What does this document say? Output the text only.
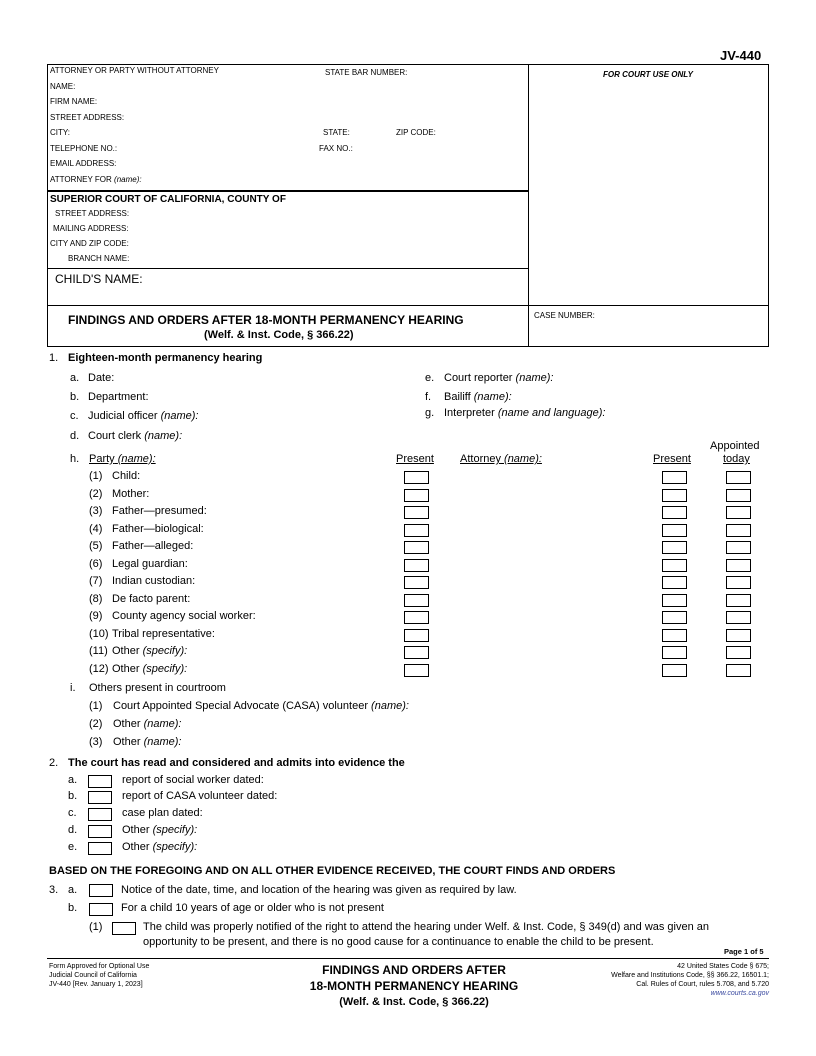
JV-440
ATTORNEY OR PARTY WITHOUT ATTORNEY	STATE BAR NUMBER:
NAME:
FIRM NAME:
STREET ADDRESS:
CITY:	STATE:	ZIP CODE:
TELEPHONE NO.:	FAX NO.:
EMAIL ADDRESS:
ATTORNEY FOR (name):
FOR COURT USE ONLY
SUPERIOR COURT OF CALIFORNIA, COUNTY OF
STREET ADDRESS:
MAILING ADDRESS:
CITY AND ZIP CODE:
BRANCH NAME:
CHILD'S NAME:
FINDINGS AND ORDERS AFTER 18-MONTH PERMANENCY HEARING
(Welf. & Inst. Code, § 366.22)
CASE NUMBER:
1. Eighteen-month permanency hearing
a. Date:
b. Department:
c. Judicial officer (name):
d. Court clerk (name):
e. Court reporter (name):
f. Bailiff (name):
g. Interpreter (name and language):
h. Party (name):	Present Attorney (name):	Present
Appointed
today
(1) Child:
(2) Mother:
(3) Father—presumed:
(4) Father—biological:
(5) Father—alleged:
(6) Legal guardian:
(7) Indian custodian:
(8) De facto parent:
(9) County agency social worker:
(10) Tribal representative:
(11) Other (specify):
(12) Other (specify):
i. Others present in courtroom
(1) Court Appointed Special Advocate (CASA) volunteer (name):
(2) Other (name):
(3) Other (name):
2. The court has read and considered and admits into evidence the
a.	report of social worker dated:
b.	report of CASA volunteer dated:
c.	case plan dated:
d.	Other (specify):
e.	Other (specify):
BASED ON THE FOREGOING AND ON ALL OTHER EVIDENCE RECEIVED, THE COURT FINDS AND ORDERS
3. a.	Notice of the date, time, and location of the hearing was given as required by law.
b.	For a child 10 years of age or older who is not present
(1)	The child was properly notified of the right to attend the hearing under Welf. & Inst. Code, § 349(d) and was given an
opportunity to be present, and there is no good cause for a continuance to enable the child to be present.
Page 1 of 5
Form Approved for Optional Use
Judicial Council of California
JV-440 [Rev. January 1, 2023]
FINDINGS AND ORDERS AFTER
18-MONTH PERMANENCY HEARING
(Welf. & Inst. Code, § 366.22)
42 United States Code § 675;
Welfare and Institutions Code, §§ 366.22, 16501.1;
Cal. Rules of Court, rules 5.708, and 5.720
www.courts.ca.gov
